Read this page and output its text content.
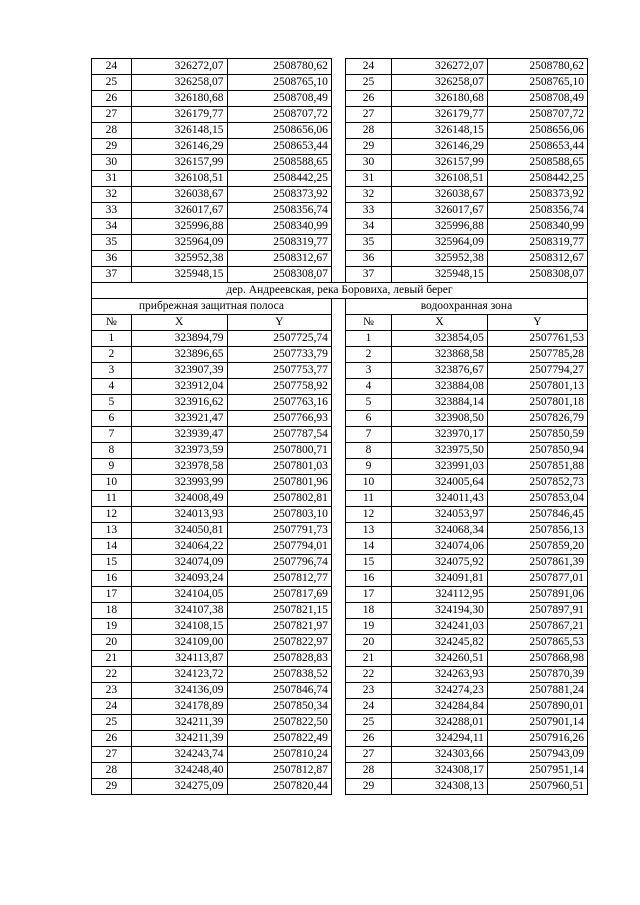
24	326272,07	2508780,62		24	326272,07	2508780,62
25	326258,07	2508765,10		25	326258,07	2508765,10
26	326180,68	2508708,49		26	326180,68	2508708,49
27	326179,77	2508707,72		27	326179,77	2508707,72
28	326148,15	2508656,06		28	326148,15	2508656,06
29	326146,29	2508653,44		29	326146,29	2508653,44
30	326157,99	2508588,65		30	326157,99	2508588,65
31	326108,51	2508442,25		31	326108,51	2508442,25
32	326038,67	2508373,92		32	326038,67	2508373,92
33	326017,67	2508356,74		33	326017,67	2508356,74
34	325996,88	2508340,99		34	325996,88	2508340,99
35	325964,09	2508319,77		35	325964,09	2508319,77
36	325952,38	2508312,67		36	325952,38	2508312,67
37	325948,15	2508308,07		37	325948,15	2508308,07
дер. Андреевская, река Боровиха, левый берег						
прибрежная защитная полоса				водоохранная зона		
№	X	Y		№	X	Y
1	323894,79	2507725,74		1	323854,05	2507761,53
2	323896,65	2507733,79		2	323868,58	2507785,28
3	323907,39	2507753,77		3	323876,67	2507794,27
4	323912,04	2507758,92		4	323884,08	2507801,13
5	323916,62	2507763,16		5	323884,14	2507801,18
6	323921,47	2507766,93		6	323908,50	2507826,79
7	323939,47	2507787,54		7	323970,17	2507850,59
8	323973,59	2507800,71		8	323975,50	2507850,94
9	323978,58	2507801,03		9	323991,03	2507851,88
10	323993,99	2507801,96		10	324005,64	2507852,73
11	324008,49	2507802,81		11	324011,43	2507853,04
12	324013,93	2507803,10		12	324053,97	2507846,45
13	324050,81	2507791,73		13	324068,34	2507856,13
14	324064,22	2507794,01		14	324074,06	2507859,20
15	324074,09	2507796,74		15	324075,92	2507861,39
16	324093,24	2507812,77		16	324091,81	2507877,01
17	324104,05	2507817,69		17	324112,95	2507891,06
18	324107,38	2507821,15		18	324194,30	2507897,91
19	324108,15	2507821,97		19	324241,03	2507867,21
20	324109,00	2507822,97		20	324245,82	2507865,53
21	324113,87	2507828,83		21	324260,51	2507868,98
22	324123,72	2507838,52		22	324263,93	2507870,39
23	324136,09	2507846,74		23	324274,23	2507881,24
24	324178,89	2507850,34		24	324284,84	2507890,01
25	324211,39	2507822,50		25	324288,01	2507901,14
26	324211,39	2507822,49		26	324294,11	2507916,26
27	324243,74	2507810,24		27	324303,66	2507943,09
28	324248,40	2507812,87		28	324308,17	2507951,14
29	324275,09	2507820,44		29	324308,13	2507960,51
